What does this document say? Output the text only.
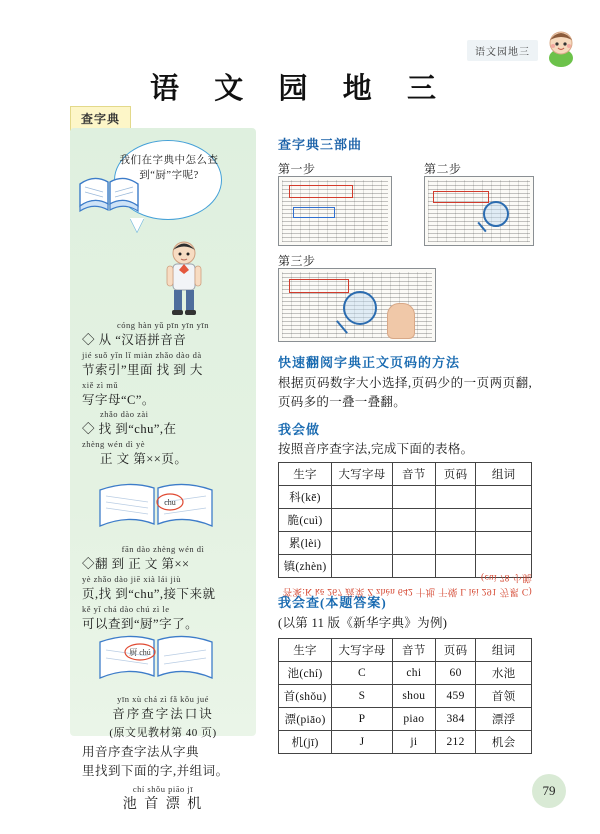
语文园地三
语 文 园 地 三
查字典
我们在字典中怎么查到“厨”字呢?
cóng hàn yǔ pīn yīn yīn
◇ 从 “汉语拼音音
jié suǒ yǐn lǐ miàn zhǎo dào dà
节索引”里面 找 到 大
xiě zì mǔ
写字母“C”。
zhǎo dào zài
◇ 找 到“chu”,在
zhèng wén dì yè
正 文 第××页。
chu
fān dào zhèng wén dì
◇翻 到 正 文 第××
yè zhǎo dào jiē xià lái jiù
页,找 到“chu”,接下来就
kě yǐ chá dào chú zì le
可以查到“厨”字了。
厨 chú
yīn xù chá zì fǎ kǒu jué
音序查字法口诀
(原文见教材第 40 页)
用音序查字法从字典
里找到下面的字,并组词。
chí shǒu piāo jī
池 首 漂 机
查字典三部曲
第一步	第二步
第三步
快速翻阅字典正文页码的方法
根据页码数字大小选择,页码少的一页两页翻,页码多的一叠一叠翻。
我会做
按照音序查字法,完成下面的表格。
生字	大写字母	音节	页码	组词
科(kē)				
脆(cuì)				
累(lèi)				
镇(zhèn)				
(答案:K kē 267 蔬菜 Z zhèn 642 十地 干燥 L lèi 291 劳累 C cuì 78 小脆)
我会查(本题答案)
(以第 11 版《新华字典》为例)
生字	大写字母	音节	页码	组词
池(chí)	C	chi	60	水池
首(shǒu)	S	shou	459	首领
漂(piāo)	P	piao	384	漂浮
机(jī)	J	ji	212	机会
79
